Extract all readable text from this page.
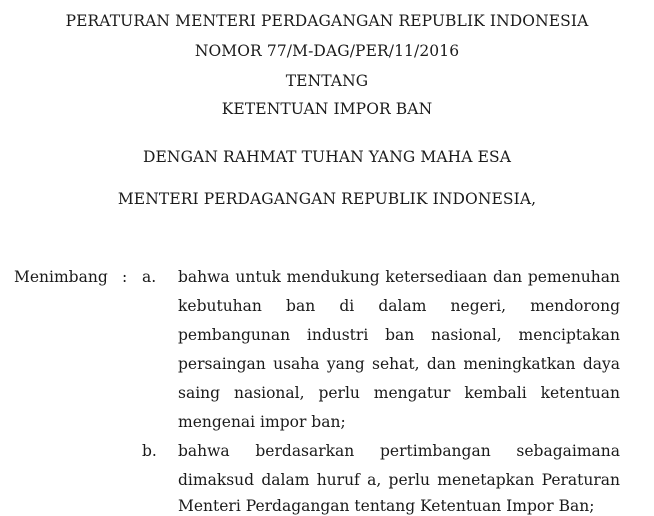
PERATURAN MENTERI PERDAGANGAN REPUBLIK INDONESIA
NOMOR 77/M-DAG/PER/11/2016
TENTANG
KETENTUAN IMPOR BAN
DENGAN RAHMAT TUHAN YANG MAHA ESA
MENTERI PERDAGANGAN REPUBLIK INDONESIA,
Menimbang : a. bahwa untuk mendukung ketersediaan dan pemenuhan
kebutuhan ban di dalam negeri, mendorong
pembangunan industri ban nasional, menciptakan
persaingan usaha yang sehat, dan meningkatkan daya
saing nasional, perlu mengatur kembali ketentuan
mengenai impor ban;
b. bahwa berdasarkan pertimbangan sebagaimana
dimaksud dalam huruf a, perlu menetapkan Peraturan
Menteri Perdagangan tentang Ketentuan Impor Ban;
